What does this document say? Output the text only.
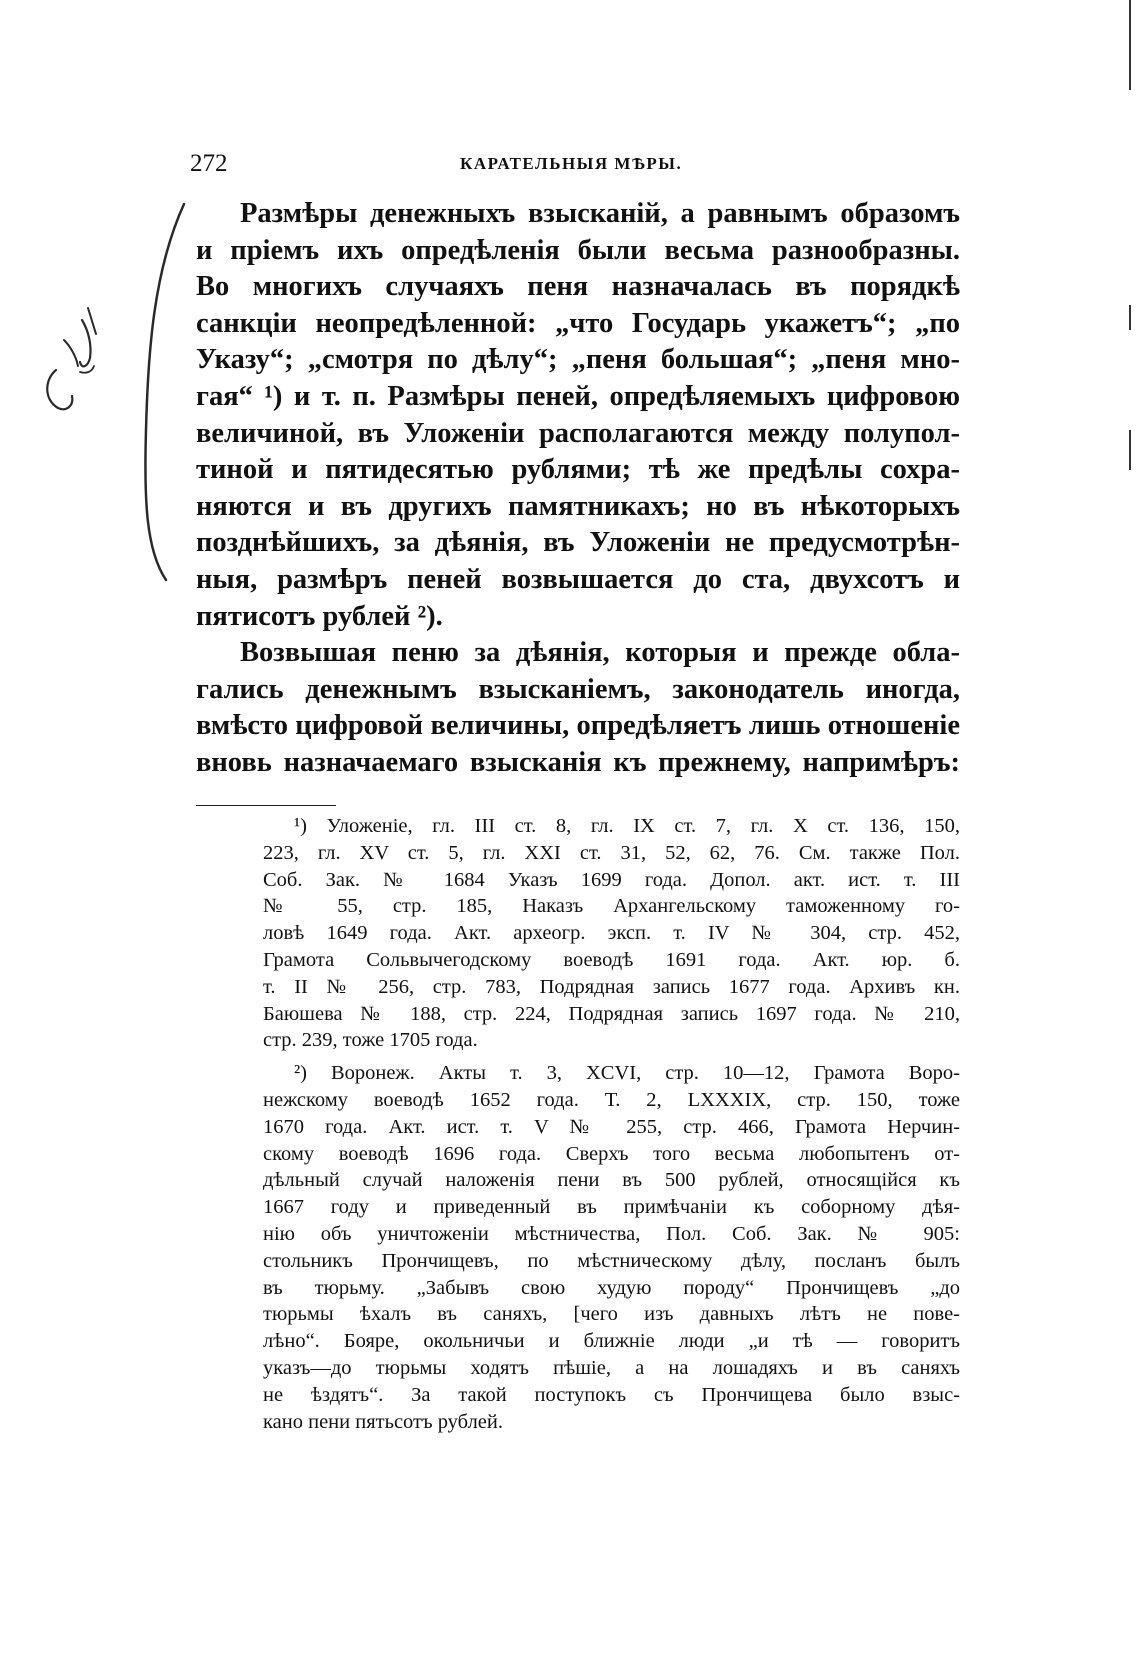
272	КАРАТЕЛЬНЫЯ МѢРЫ.
Размѣры денежныхъ взысканій, а равнымъ образомъ
и пріемъ ихъ опредѣленія были весьма разнообразны.
Во многихъ случаяхъ пеня назначалась въ порядкѣ
санкціи неопредѣленной: „что Государь укажетъ“; „по
Указу“; „смотря по дѣлу“; „пеня большая“; „пеня мно-
гая“ ¹) и т. п. Размѣры пеней, опредѣляемыхъ цифровою
величиной, въ Уложеніи располагаются между полупол-
тиной и пятидесятью рублями; тѣ же предѣлы сохра-
няются и въ другихъ памятникахъ; но въ нѣкоторыхъ
позднѣйшихъ, за дѣянія, въ Уложеніи не предусмотрѣн-
ныя, размѣръ пеней возвышается до ста, двухсотъ и
пятисотъ рублей ²).
Возвышая пеню за дѣянія, которыя и прежде обла-
гались денежнымъ взысканіемъ, законодатель иногда,
вмѣсто цифровой величины, опредѣляетъ лишь отношеніе
вновь назначаемаго взысканія къ прежнему, напримѣръ:
¹) Уложеніе, гл. III ст. 8, гл. IX ст. 7, гл. X ст. 136, 150,
223, гл. XV ст. 5, гл. XXI ст. 31, 52, 62, 76. См. также Пол.
Соб. Зак. № 1684 Указъ 1699 года. Допол. акт. ист. т. III
№ 55, стр. 185, Наказъ Архангельскому таможенному го-
ловѣ 1649 года. Акт. археогр. эксп. т. IV № 304, стр. 452,
Грамота Сольвычегодскому воеводѣ 1691 года. Акт. юр. б.
т. II № 256, стр. 783, Подрядная запись 1677 года. Архивъ кн.
Баюшева № 188, стр. 224, Подрядная запись 1697 года. № 210,
стр. 239, тоже 1705 года.
²) Воронеж. Акты т. 3, XCVI, стр. 10—12, Грамота Воро-
нежскому воеводѣ 1652 года. Т. 2, LXXXIX, стр. 150, тоже
1670 года. Акт. ист. т. V № 255, стр. 466, Грамота Нерчин-
скому воеводѣ 1696 года. Сверхъ того весьма любопытенъ от-
дѣльный случай наложенія пени въ 500 рублей, относящійся къ
1667 году и приведенный въ примѣчаніи къ соборному дѣя-
нію объ уничтоженіи мѣстничества, Пол. Соб. Зак. № 905:
стольникъ Прончищевъ, по мѣстническому дѣлу, посланъ былъ
въ тюрьму. „Забывъ свою худую породу“ Прончищевъ „до
тюрьмы ѣхалъ въ саняхъ, [чего изъ давныхъ лѣтъ не пове-
лѣно“. Бояре, окольничьи и ближніе люди „и тѣ — говоритъ
указъ—до тюрьмы ходятъ пѣшіе, а на лошадяхъ и въ саняхъ
не ѣздятъ“. За такой поступокъ съ Прончищева было взыс-
кано пени пятьсотъ рублей.
